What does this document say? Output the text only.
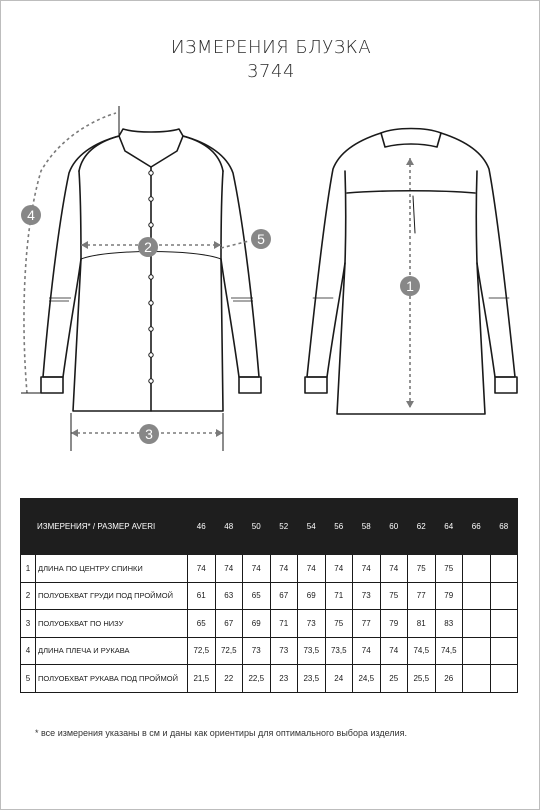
ИЗМЕРЕНИЯ БЛУЗКА
3744
1
2
3
4
5
ИЗМЕРЕНИЯ* / РАЗМЕР AVERI		46	48	50	52	54	56	58	60	62	64	66	68
1	ДЛИНА ПО ЦЕНТРУ СПИНКИ	74	74	74	74	74	74	74	74	75	75		
2	ПОЛУОБХВАТ ГРУДИ ПОД ПРОЙМОЙ	61	63	65	67	69	71	73	75	77	79		
3	ПОЛУОБХВАТ ПО НИЗУ	65	67	69	71	73	75	77	79	81	83		
4	ДЛИНА ПЛЕЧА И РУКАВА	72,5	72,5	73	73	73,5	73,5	74	74	74,5	74,5		
5	ПОЛУОБХВАТ РУКАВА ПОД ПРОЙМОЙ	21,5	22	22,5	23	23,5	24	24,5	25	25,5	26		
* все измерения указаны в см и даны как ориентиры для оптимального выбора изделия.
